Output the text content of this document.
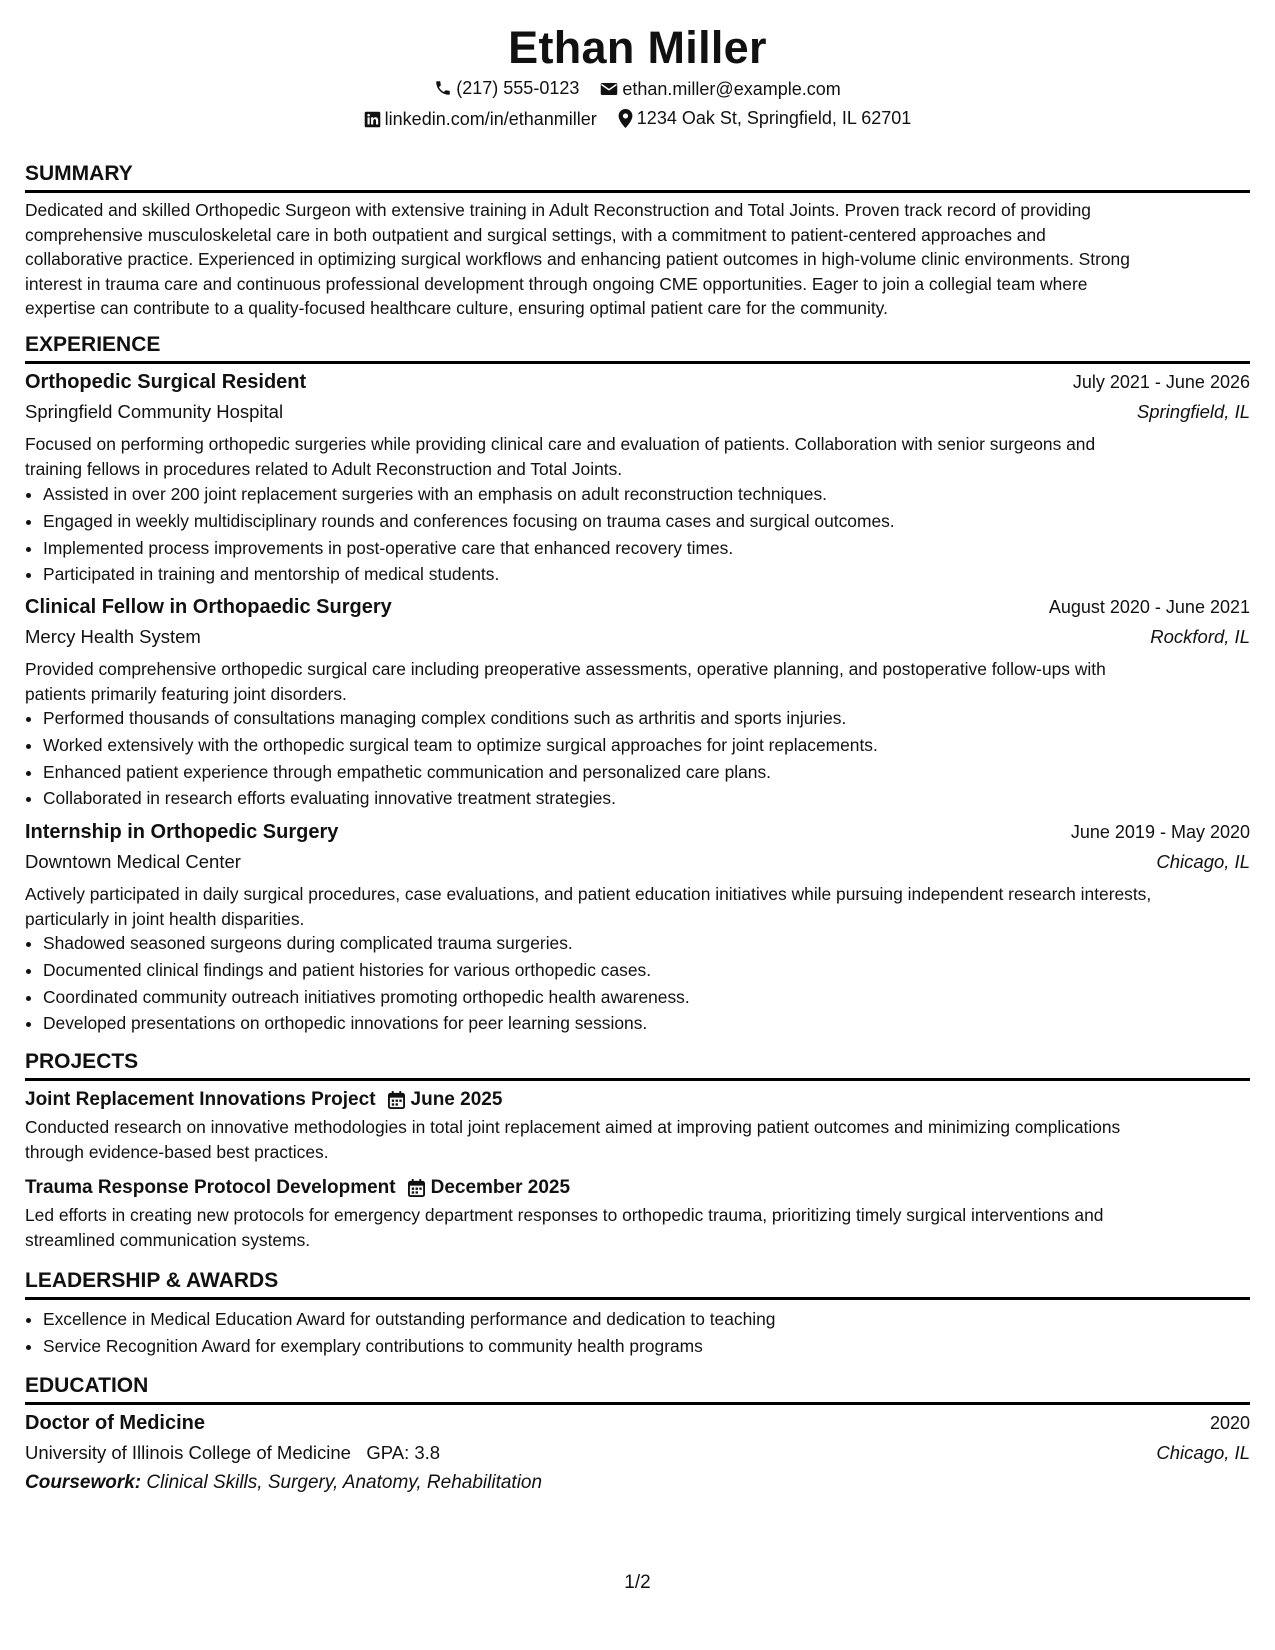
Ethan Miller
(217) 555-0123
ethan.miller@example.com
linkedin.com/in/ethanmiller
1234 Oak St, Springfield, IL 62701
SUMMARY
Dedicated and skilled Orthopedic Surgeon with extensive training in Adult Reconstruction and Total Joints. Proven track record of providing
comprehensive musculoskeletal care in both outpatient and surgical settings, with a commitment to patient-centered approaches and
collaborative practice. Experienced in optimizing surgical workflows and enhancing patient outcomes in high-volume clinic environments. Strong
interest in trauma care and continuous professional development through ongoing CME opportunities. Eager to join a collegial team where
expertise can contribute to a quality-focused healthcare culture, ensuring optimal patient care for the community.
EXPERIENCE
Orthopedic Surgical Resident	July 2021 - June 2026
Springfield Community Hospital	Springfield, IL
Focused on performing orthopedic surgeries while providing clinical care and evaluation of patients. Collaboration with senior surgeons and
training fellows in procedures related to Adult Reconstruction and Total Joints.
• Assisted in over 200 joint replacement surgeries with an emphasis on adult reconstruction techniques.
• Engaged in weekly multidisciplinary rounds and conferences focusing on trauma cases and surgical outcomes.
• Implemented process improvements in post-operative care that enhanced recovery times.
• Participated in training and mentorship of medical students.
Clinical Fellow in Orthopaedic Surgery	August 2020 - June 2021
Mercy Health System	Rockford, IL
Provided comprehensive orthopedic surgical care including preoperative assessments, operative planning, and postoperative follow-ups with
patients primarily featuring joint disorders.
• Performed thousands of consultations managing complex conditions such as arthritis and sports injuries.
• Worked extensively with the orthopedic surgical team to optimize surgical approaches for joint replacements.
• Enhanced patient experience through empathetic communication and personalized care plans.
• Collaborated in research efforts evaluating innovative treatment strategies.
Internship in Orthopedic Surgery	June 2019 - May 2020
Downtown Medical Center	Chicago, IL
Actively participated in daily surgical procedures, case evaluations, and patient education initiatives while pursuing independent research interests,
particularly in joint health disparities.
• Shadowed seasoned surgeons during complicated trauma surgeries.
• Documented clinical findings and patient histories for various orthopedic cases.
• Coordinated community outreach initiatives promoting orthopedic health awareness.
• Developed presentations on orthopedic innovations for peer learning sessions.
PROJECTS
Joint Replacement Innovations Project June 2025
Conducted research on innovative methodologies in total joint replacement aimed at improving patient outcomes and minimizing complications
through evidence-based best practices.
Trauma Response Protocol Development December 2025
Led efforts in creating new protocols for emergency department responses to orthopedic trauma, prioritizing timely surgical interventions and
streamlined communication systems.
LEADERSHIP & AWARDS
• Excellence in Medical Education Award for outstanding performance and dedication to teaching
• Service Recognition Award for exemplary contributions to community health programs
EDUCATION
Doctor of Medicine	2020
University of Illinois College of Medicine GPA: 3.8	Chicago, IL
Coursework: Clinical Skills, Surgery, Anatomy, Rehabilitation
1/2
